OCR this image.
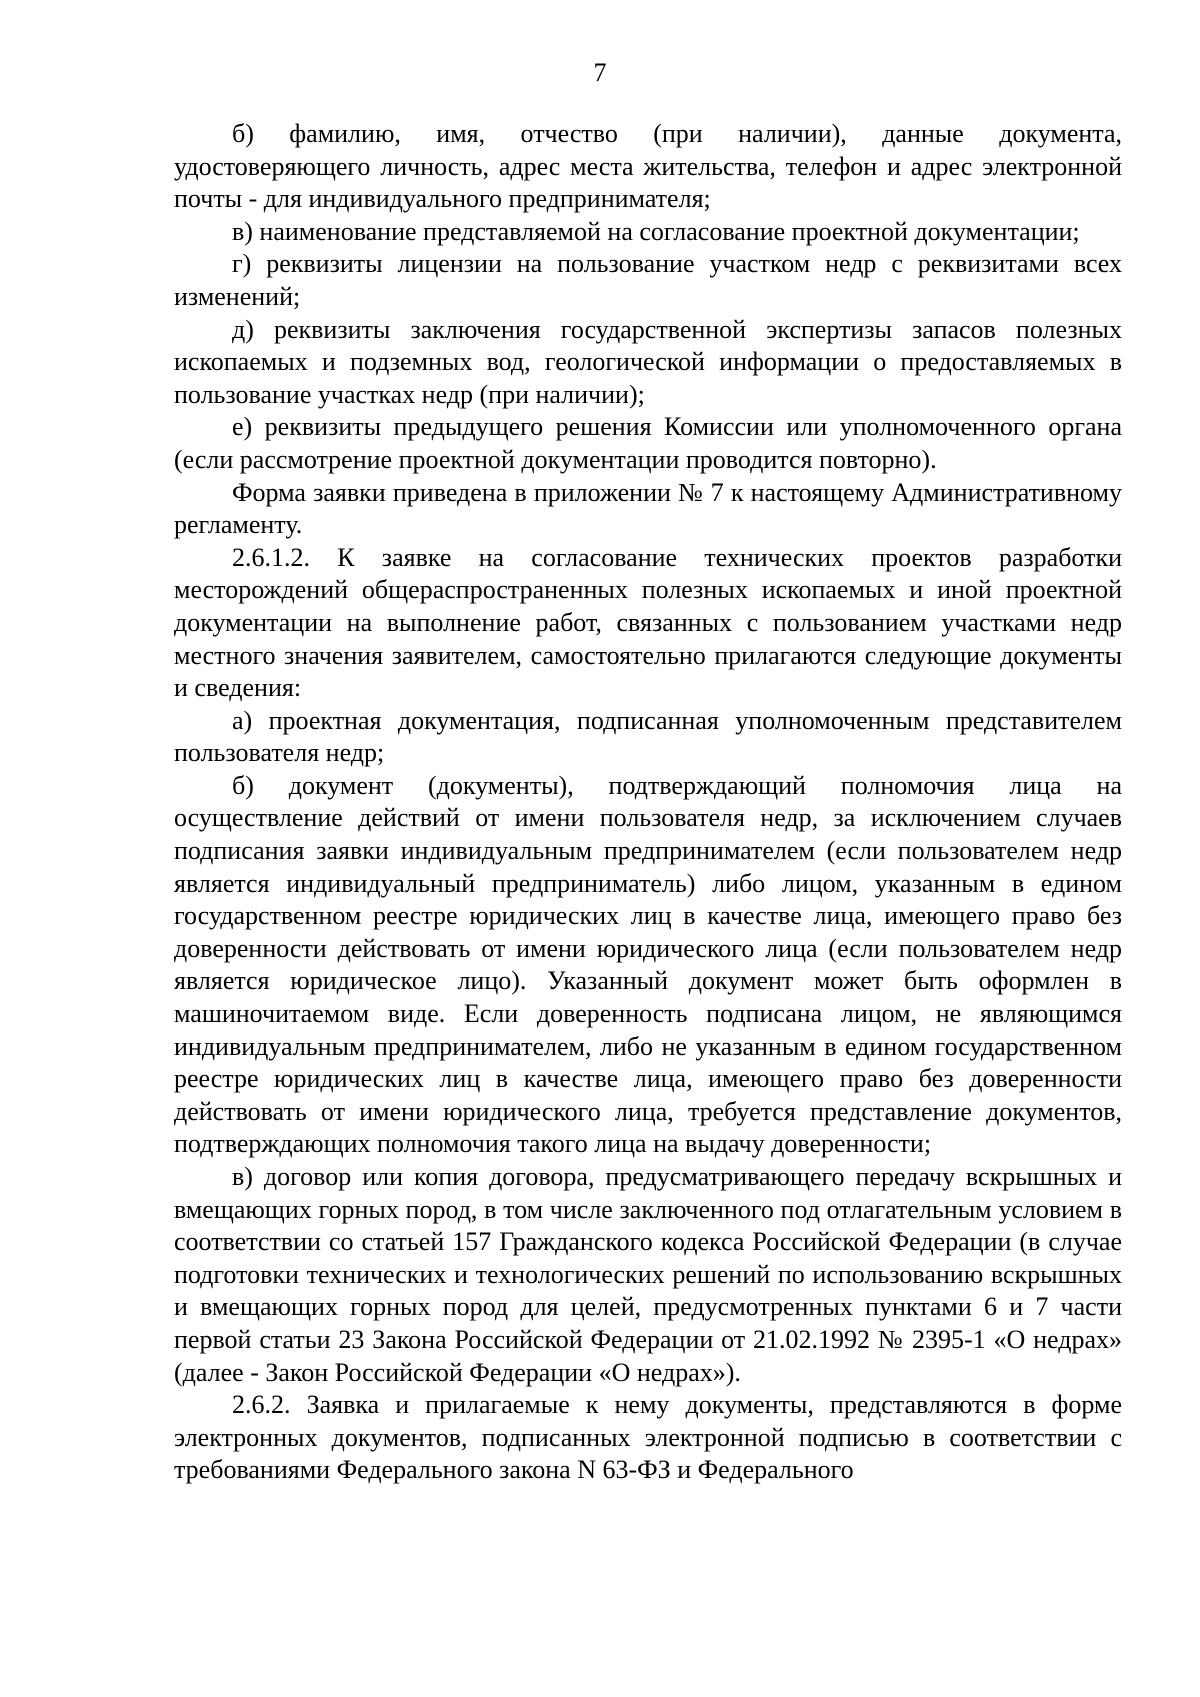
7

б) фамилию, имя, отчество (при наличии), данные документа, удостоверяющего личность, адрес места жительства, телефон и адрес электронной почты - для индивидуального предпринимателя;

в) наименование представляемой на согласование проектной документации;

г) реквизиты лицензии на пользование участком недр с реквизитами всех изменений;

д) реквизиты заключения государственной экспертизы запасов полезных ископаемых и подземных вод, геологической информации о предоставляемых в пользование участках недр (при наличии);

е) реквизиты предыдущего решения Комиссии или уполномоченного органа (если рассмотрение проектной документации проводится повторно).

Форма заявки приведена в приложении № 7 к настоящему Административному регламенту.

2.6.1.2. К заявке на согласование технических проектов разработки месторождений общераспространенных полезных ископаемых и иной проектной документации на выполнение работ, связанных с пользованием участками недр местного значения заявителем, самостоятельно прилагаются следующие документы и сведения:

а) проектная документация, подписанная уполномоченным представителем пользователя недр;

б) документ (документы), подтверждающий полномочия лица на осуществление действий от имени пользователя недр, за исключением случаев подписания заявки индивидуальным предпринимателем (если пользователем недр является индивидуальный предприниматель) либо лицом, указанным в едином государственном реестре юридических лиц в качестве лица, имеющего право без доверенности действовать от имени юридического лица (если пользователем недр является юридическое лицо). Указанный документ может быть оформлен в машиночитаемом виде. Если доверенность подписана лицом, не являющимся индивидуальным предпринимателем, либо не указанным в едином государственном реестре юридических лиц в качестве лица, имеющего право без доверенности действовать от имени юридического лица, требуется представление документов, подтверждающих полномочия такого лица на выдачу доверенности;

в) договор или копия договора, предусматривающего передачу вскрышных и вмещающих горных пород, в том числе заключенного под отлагательным условием в соответствии со статьей 157 Гражданского кодекса Российской Федерации (в случае подготовки технических и технологических решений по использованию вскрышных и вмещающих горных пород для целей, предусмотренных пунктами 6 и 7 части первой статьи 23 Закона Российской Федерации от 21.02.1992 № 2395-1 «О недрах» (далее - Закон Российской Федерации «О недрах»).

2.6.2. Заявка и прилагаемые к нему документы, представляются в форме электронных документов, подписанных электронной подписью в соответствии с требованиями Федерального закона N 63-ФЗ и Федерального
